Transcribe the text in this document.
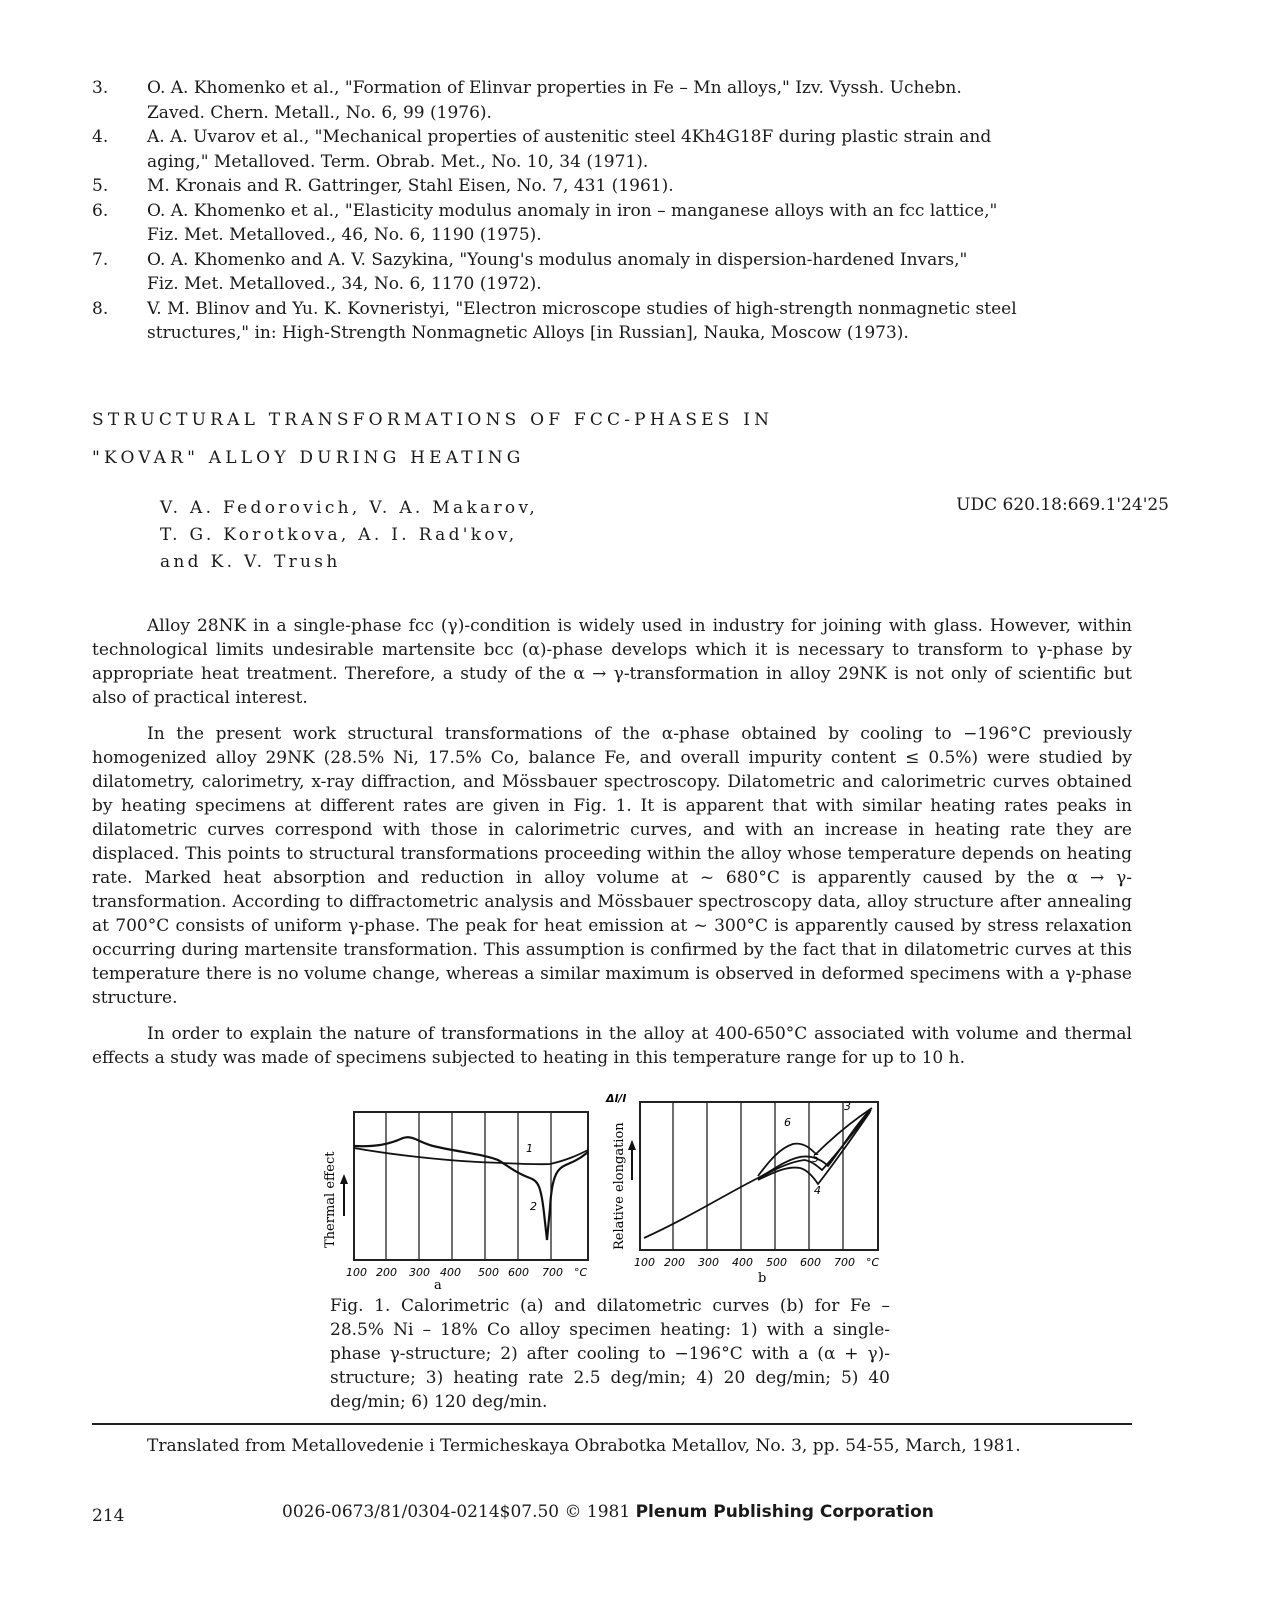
3.	O. A. Khomenko et al., "Formation of Elinvar properties in Fe – Mn alloys," Izv. Vyssh. Uchebn.
Zaved. Chern. Metall., No. 6, 99 (1976).
4.	A. A. Uvarov et al., "Mechanical properties of austenitic steel 4Kh4G18F during plastic strain and
aging," Metalloved. Term. Obrab. Met., No. 10, 34 (1971).
5.	M. Kronais and R. Gattringer, Stahl Eisen, No. 7, 431 (1961).
6.	O. A. Khomenko et al., "Elasticity modulus anomaly in iron – manganese alloys with an fcc lattice,"
Fiz. Met. Metalloved., 46, No. 6, 1190 (1975).
7.	O. A. Khomenko and A. V. Sazykina, "Young's modulus anomaly in dispersion-hardened Invars,"
Fiz. Met. Metalloved., 34, No. 6, 1170 (1972).
8.	V. M. Blinov and Yu. K. Kovneristyi, "Electron microscope studies of high-strength nonmagnetic steel
structures," in: High-Strength Nonmagnetic Alloys [in Russian], Nauka, Moscow (1973).
STRUCTURAL TRANSFORMATIONS OF FCC-PHASES IN
"KOVAR" ALLOY DURING HEATING
V. A. Fedorovich, V. A. Makarov,
T. G. Korotkova, A. I. Rad'kov,
and K. V. Trush
UDC 620.18:669.1'24'25

Alloy 28NK in a single-phase fcc (γ)-condition is widely used in industry for joining with glass. However, within technological limits undesirable martensite bcc (α)-phase develops which it is necessary to transform to γ-phase by appropriate heat treatment. Therefore, a study of the α → γ-transformation in alloy 29NK is not only of scientific but also of practical interest.

In the present work structural transformations of the α-phase obtained by cooling to −196°C previously homogenized alloy 29NK (28.5% Ni, 17.5% Co, balance Fe, and overall impurity content ≤ 0.5%) were studied by dilatometry, calorimetry, x-ray diffraction, and Mössbauer spectroscopy. Dilatometric and calorimetric curves obtained by heating specimens at different rates are given in Fig. 1. It is apparent that with similar heating rates peaks in dilatometric curves correspond with those in calorimetric curves, and with an increase in heating rate they are displaced. This points to structural transformations proceeding within the alloy whose temperature depends on heating rate. Marked heat absorption and reduction in alloy volume at ~ 680°C is apparently caused by the α → γ-transformation. According to diffractometric analysis and Mössbauer spectroscopy data, alloy structure after annealing at 700°C consists of uniform γ-phase. The peak for heat emission at ~ 300°C is apparently caused by stress relaxation occurring during martensite transformation. This assumption is confirmed by the fact that in dilatometric curves at this temperature there is no volume change, whereas a similar maximum is observed in deformed specimens with a γ-phase structure.

In order to explain the nature of transformations in the alloy at 400-650°C associated with volume and thermal effects a study was made of specimens subjected to heating in this temperature range for up to 10 h.

1
2
Thermal effect
100 200 300 400 500 600 700 °C
a
3
4
5
6
Relative elongation
Δl/l
100 200 300 400 500 600 700 °C
b
Fig. 1. Calorimetric (a) and dilatometric curves (b) for Fe – 28.5% Ni – 18% Co alloy specimen heating: 1) with a single-phase γ-structure; 2) after cooling to −196°C with a (α + γ)-structure; 3) heating rate 2.5 deg/min; 4) 20 deg/min; 5) 40 deg/min; 6) 120 deg/min.
Translated from Metallovedenie i Termicheskaya Obrabotka Metallov, No. 3, pp. 54-55, March, 1981.
214	0026-0673/81/0304-0214$07.50 © 1981 Plenum Publishing Corporation
